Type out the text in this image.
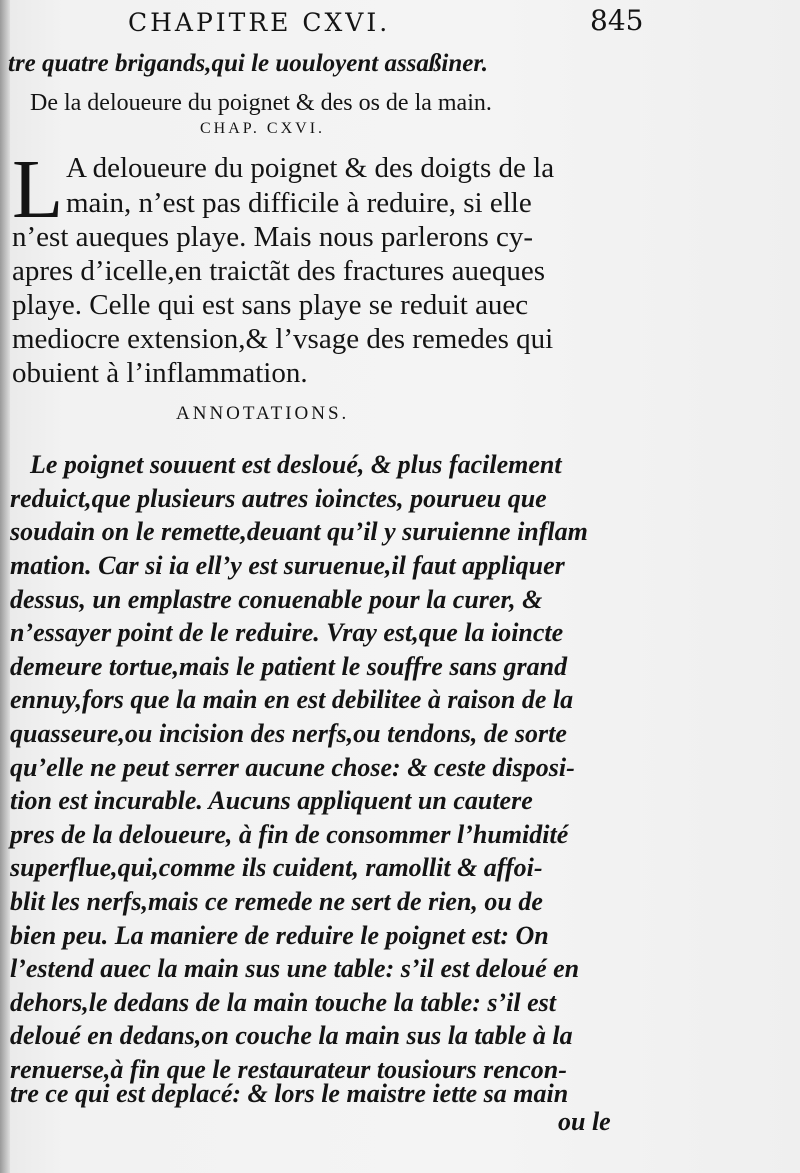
CHAPITRE CXVI.	845
tre quatre brigands,qui le uouloyent assaßiner.
De la deloueure du poignet & des os de la main.
CHAP. CXVI.
L A deloueure du poignet & des doigts de la
main, n’est pas difficile à reduire, si elle
n’est aueques playe. Mais nous parlerons cy-
apres d’icelle,en traictãt des fractures aueques
playe. Celle qui est sans playe se reduit auec
mediocre extension,& l’vsage des remedes qui
obuient à l’inflammation.
ANNOTATIONS.
Le poignet souuent est desloué, & plus facilement
reduict,que plusieurs autres ioinctes, pourueu que
soudain on le remette,deuant qu’il y suruienne inflam
mation. Car si ia ell’y est suruenue,il faut appliquer
dessus, un emplastre conuenable pour la curer, &
n’essayer point de le reduire. Vray est,que la ioincte
demeure tortue,mais le patient le souffre sans grand
ennuy,fors que la main en est debilitee à raison de la
quasseure,ou incision des nerfs,ou tendons, de sorte
qu’elle ne peut serrer aucune chose: & ceste disposi-
tion est incurable. Aucuns appliquent un cautere
pres de la deloueure, à fin de consommer l’humidité
superflue,qui,comme ils cuident, ramollit & affoi-
blit les nerfs,mais ce remede ne sert de rien, ou de
bien peu. La maniere de reduire le poignet est: On
l’estend auec la main sus une table: s’il est deloué en
dehors,le dedans de la main touche la table: s’il est
deloué en dedans,on couche la main sus la table à la
renuerse,à fin que le restaurateur tousiours rencon-
tre ce qui est deplacé: & lors le maistre iette sa main
ou le
